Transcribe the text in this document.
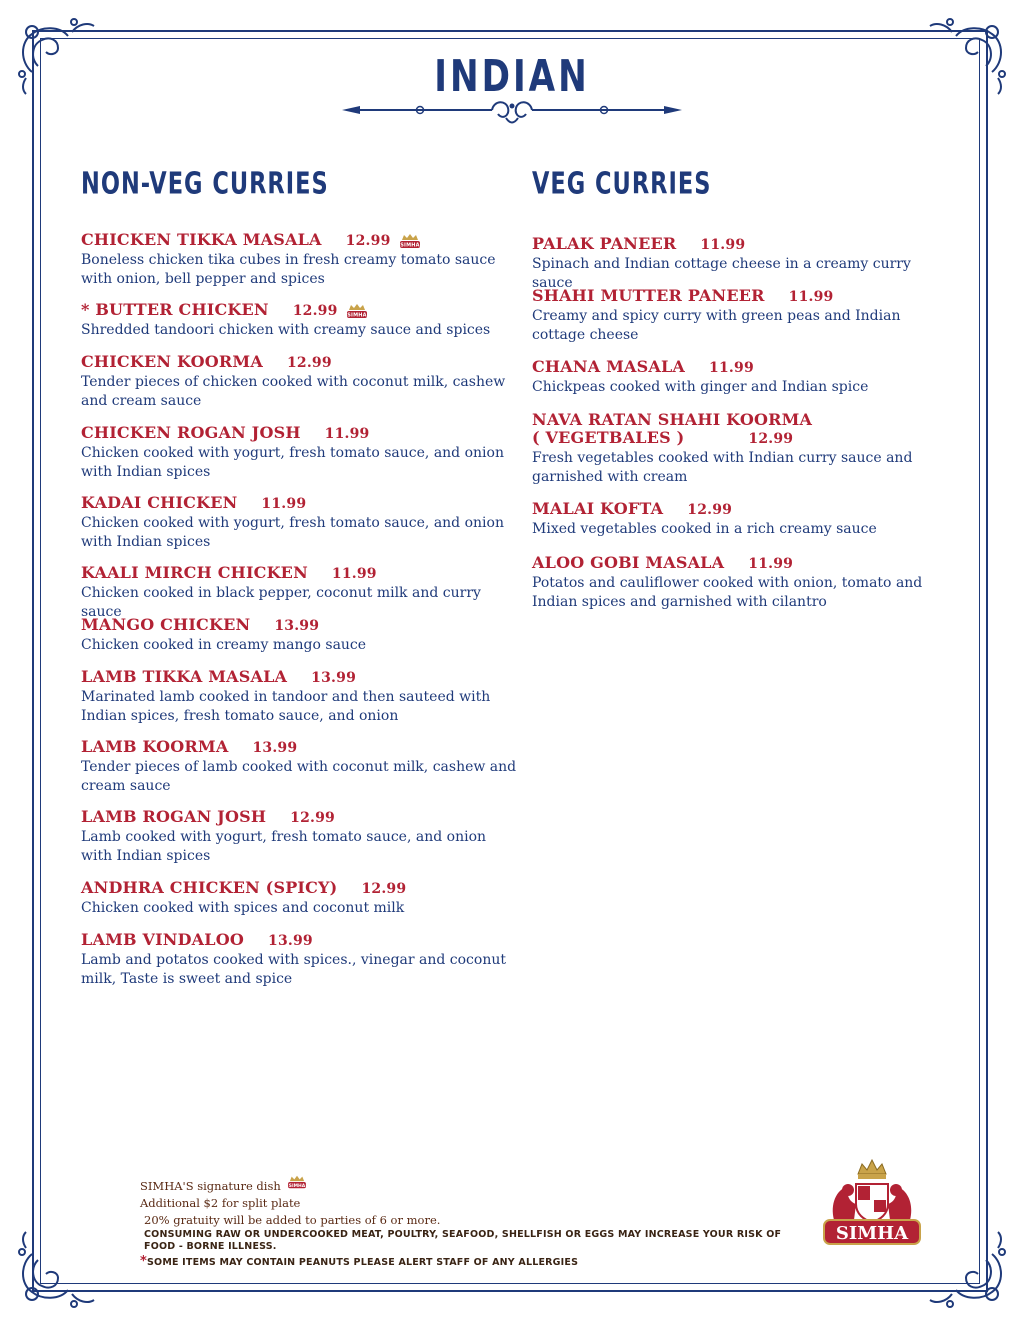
INDIAN
NON-VEG CURRIES	VEG CURRIES
CHICKEN TIKKA MASALA 12.99 SIMHA
Boneless chicken tika cubes in fresh creamy tomato sauce with onion, bell pepper and spices
* BUTTER CHICKEN 12.99 SIMHA
Shredded tandoori chicken with creamy sauce and spices
CHICKEN KOORMA 12.99
Tender pieces of chicken cooked with coconut milk, cashew and cream sauce
CHICKEN ROGAN JOSH 11.99
Chicken cooked with yogurt, fresh tomato sauce, and onion with Indian spices
KADAI CHICKEN 11.99
Chicken cooked with yogurt, fresh tomato sauce, and onion with Indian spices
KAALI MIRCH CHICKEN 11.99
Chicken cooked in black pepper, coconut milk and curry sauce
MANGO CHICKEN 13.99
Chicken cooked in creamy mango sauce
LAMB TIKKA MASALA 13.99
Marinated lamb cooked in tandoor and then sauteed with Indian spices, fresh tomato sauce, and onion
LAMB KOORMA 13.99
Tender pieces of lamb cooked with coconut milk, cashew and cream sauce
LAMB ROGAN JOSH 12.99
Lamb cooked with yogurt, fresh tomato sauce, and onion with Indian spices
ANDHRA CHICKEN (SPICY) 12.99
Chicken cooked with spices and coconut milk
LAMB VINDALOO 13.99
Lamb and potatos cooked with spices., vinegar and coconut milk, Taste is sweet and spice
PALAK PANEER 11.99
Spinach and Indian cottage cheese in a creamy curry sauce
SHAHI MUTTER PANEER 11.99
Creamy and spicy curry with green peas and Indian cottage cheese
CHANA MASALA 11.99
Chickpeas cooked with ginger and Indian spice
NAVA RATAN SHAHI KOORMA
( VEGETBALES )	12.99
Fresh vegetables cooked with Indian curry sauce and garnished with cream
MALAI KOFTA 12.99
Mixed vegetables cooked in a rich creamy sauce
ALOO GOBI MASALA 11.99
Potatos and cauliflower cooked with onion, tomato and Indian spices and garnished with cilantro
SIMHA'S signature dish SIMHA
Additional $2 for split plate
20% gratuity will be added to parties of 6 or more.
CONSUMING RAW OR UNDERCOOKED MEAT, POULTRY, SEAFOOD, SHELLFISH OR EGGS MAY INCREASE YOUR RISK OF FOOD - BORNE ILLNESS.
*SOME ITEMS MAY CONTAIN PEANUTS PLEASE ALERT STAFF OF ANY ALLERGIES
SIMHA
